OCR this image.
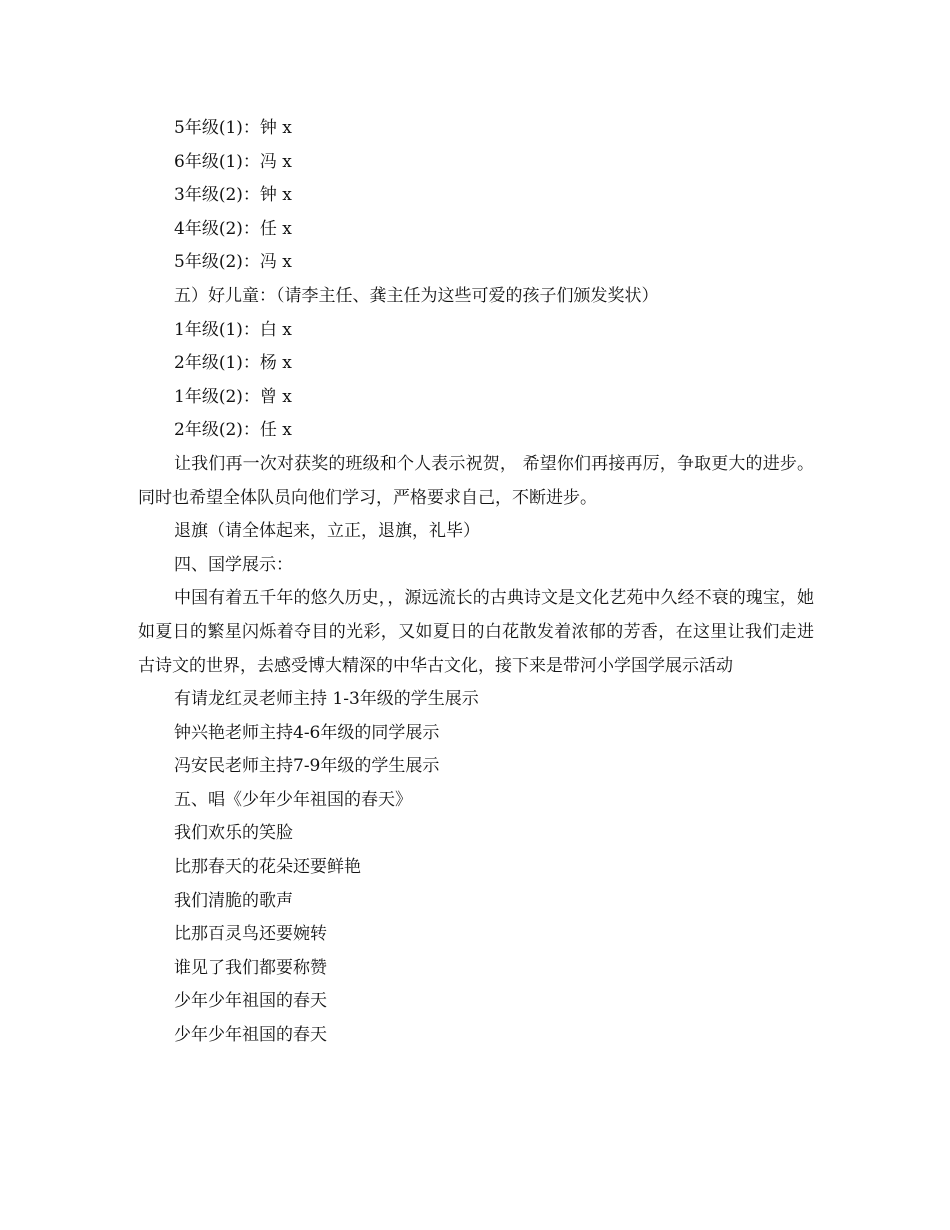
5年级(1)：钟 x

6年级(1)：冯 x

3年级(2)：钟 x

4年级(2)：任 x

5年级(2)：冯 x

五）好儿童：（请李主任、龚主任为这些可爱的孩子们颁发奖状）

1年级(1)：白 x

2年级(1)：杨 x

1年级(2)：曾 x

2年级(2)：任 x

让我们再一次对获奖的班级和个人表示祝贺， 希望你们再接再厉，争取更大的进步。同时也希望全体队员向他们学习，严格要求自己，不断进步。

退旗（请全体起来，立正，退旗，礼毕）

四、国学展示：

中国有着五千年的悠久历史，，源远流长的古典诗文是文化艺苑中久经不衰的瑰宝，她如夏日的繁星闪烁着夺目的光彩，又如夏日的白花散发着浓郁的芳香，在这里让我们走进古诗文的世界，去感受博大精深的中华古文化，接下来是带河小学国学展示活动

有请龙红灵老师主持 1-3年级的学生展示

钟兴艳老师主持4-6年级的同学展示

冯安民老师主持7-9年级的学生展示

五、唱《少年少年祖国的春天》

我们欢乐的笑脸

比那春天的花朵还要鲜艳

我们清脆的歌声

比那百灵鸟还要婉转

谁见了我们都要称赞

少年少年祖国的春天

少年少年祖国的春天
